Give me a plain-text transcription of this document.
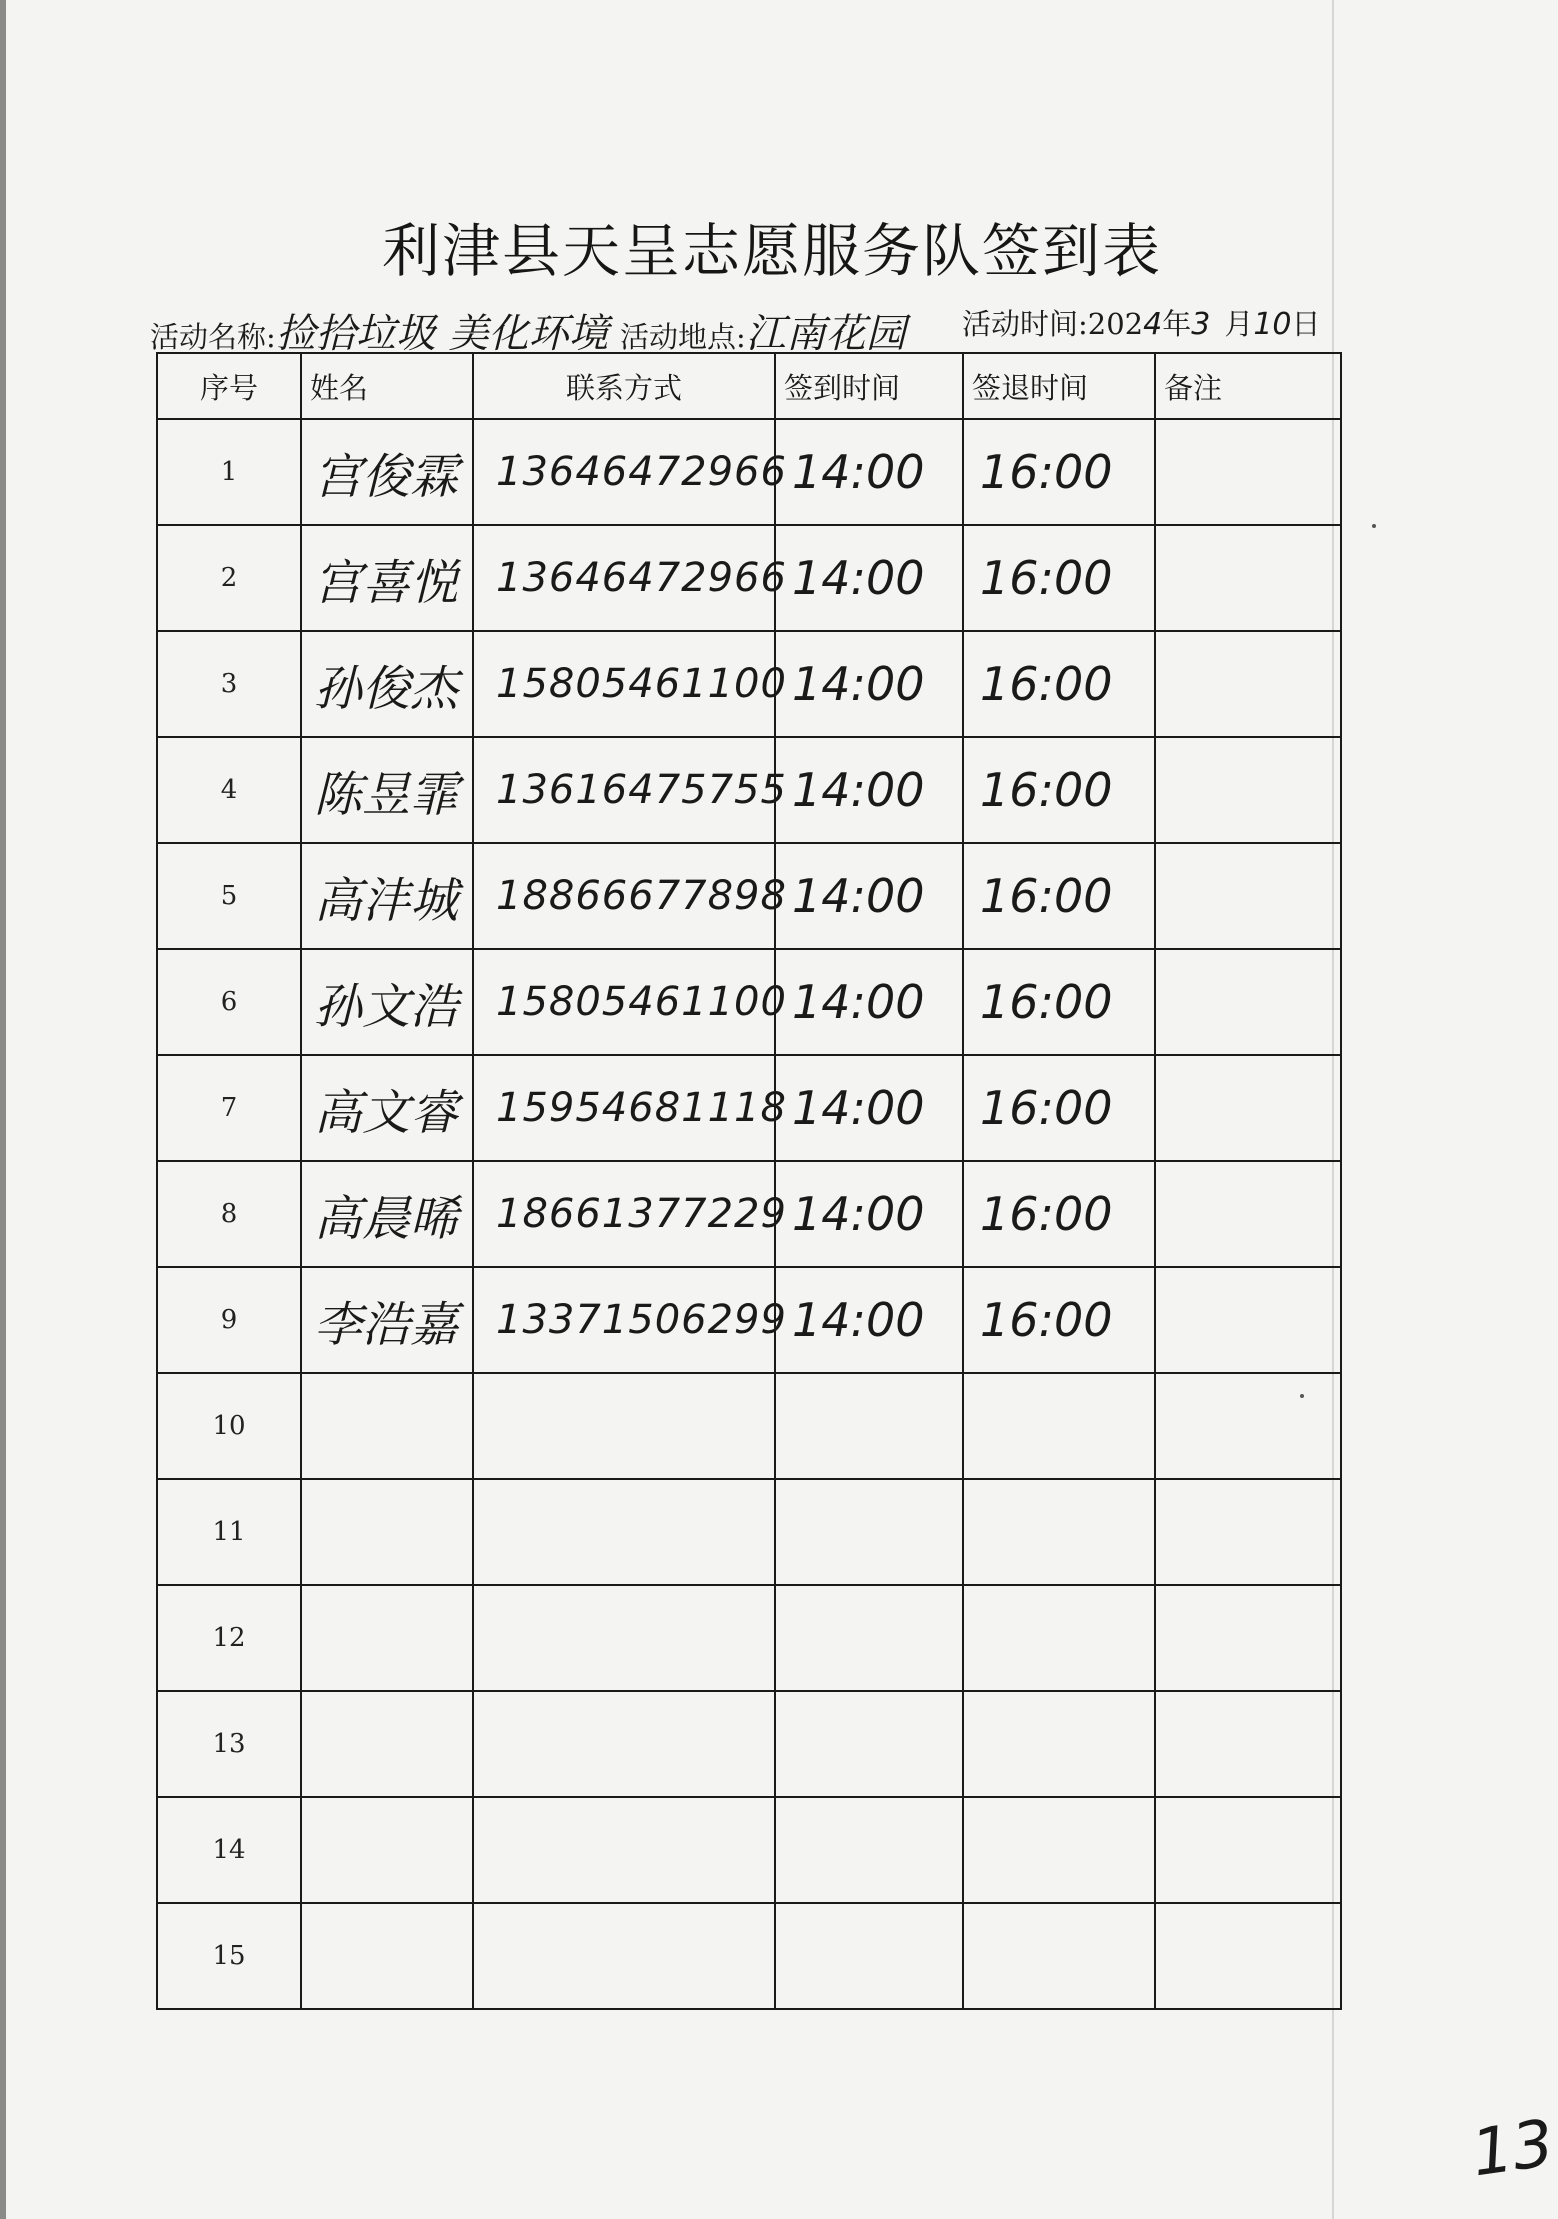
利津县天呈志愿服务队签到表
活动名称:捡拾垃圾 美化环境 活动地点:江南花园 活动时间:2024年3 月10日
序号	姓名	联系方式	签到时间	签退时间	备注
1	宫俊霖	13646472966	14:00	16:00	
2	宫喜悦	13646472966	14:00	16:00	
3	孙俊杰	15805461100	14:00	16:00	
4	陈昱霏	13616475755	14:00	16:00	
5	高沣城	18866677898	14:00	16:00	
6	孙文浩	15805461100	14:00	16:00	
7	高文睿	15954681118	14:00	16:00	
8	高晨晞	18661377229	14:00	16:00	
9	李浩嘉	13371506299	14:00	16:00	
10					
11					
12					
13					
14					
15					
13
